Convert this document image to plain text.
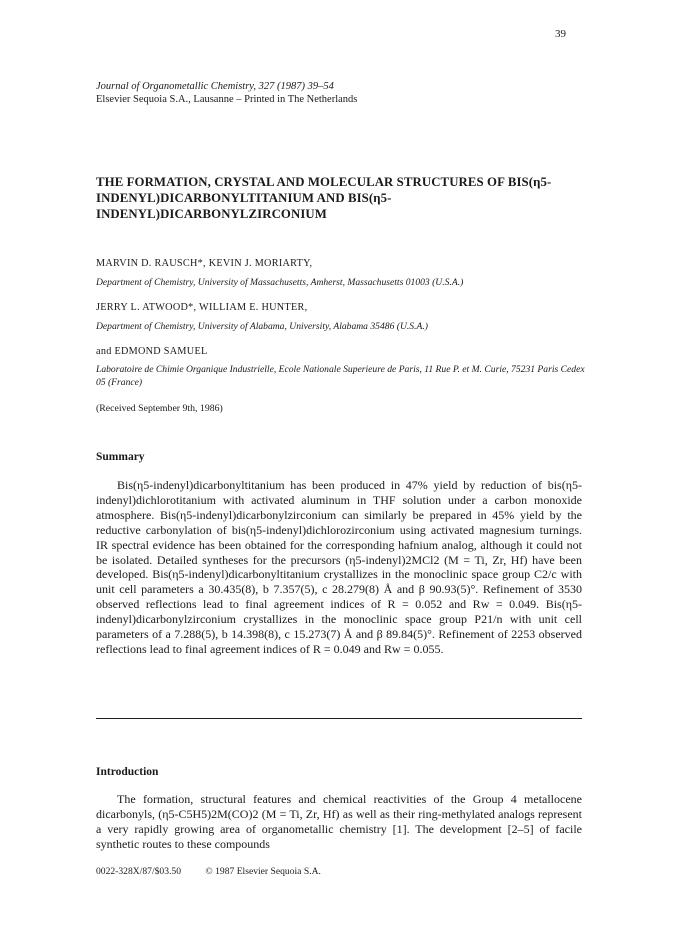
39
Journal of Organometallic Chemistry, 327 (1987) 39–54
Elsevier Sequoia S.A., Lausanne – Printed in The Netherlands
THE FORMATION, CRYSTAL AND MOLECULAR STRUCTURES OF BIS(η5-INDENYL)DICARBONYLTITANIUM AND BIS(η5-INDENYL)DICARBONYLZIRCONIUM
MARVIN D. RAUSCH*, KEVIN J. MORIARTY,
Department of Chemistry, University of Massachusetts, Amherst, Massachusetts 01003 (U.S.A.)
JERRY L. ATWOOD*, WILLIAM E. HUNTER,
Department of Chemistry, University of Alabama, University, Alabama 35486 (U.S.A.)
and EDMOND SAMUEL
Laboratoire de Chimie Organique Industrielle, Ecole Nationale Superieure de Paris, 11 Rue P. et M. Curie, 75231 Paris Cedex 05 (France)
(Received September 9th, 1986)
Summary

Bis(η5-indenyl)dicarbonyltitanium has been produced in 47% yield by reduction of bis(η5-indenyl)dichlorotitanium with activated aluminum in THF solution under a carbon monoxide atmosphere. Bis(η5-indenyl)dicarbonylzirconium can similarly be prepared in 45% yield by the reductive carbonylation of bis(η5-indenyl)dichlorozirconium using activated magnesium turnings. IR spectral evidence has been obtained for the corresponding hafnium analog, although it could not be isolated. Detailed syntheses for the precursors (η5-indenyl)2MCl2 (M = Ti, Zr, Hf) have been developed. Bis(η5-indenyl)dicarbonyltitanium crystallizes in the monoclinic space group C2/c with unit cell parameters a 30.435(8), b 7.357(5), c 28.279(8) Å and β 90.93(5)°. Refinement of 3530 observed reflections lead to final agreement indices of R = 0.052 and Rw = 0.049. Bis(η5-indenyl)dicarbonylzirconium crystallizes in the monoclinic space group P21/n with unit cell parameters of a 7.288(5), b 14.398(8), c 15.273(7) Å and β 89.84(5)°. Refinement of 2253 observed reflections lead to final agreement indices of R = 0.049 and Rw = 0.055.

Introduction

The formation, structural features and chemical reactivities of the Group 4 metallocene dicarbonyls, (η5-C5H5)2M(CO)2 (M = Ti, Zr, Hf) as well as their ring-methylated analogs represent a very rapidly growing area of organometallic chemistry [1]. The development [2–5] of facile synthetic routes to these compounds

0022-328X/87/$03.50	© 1987 Elsevier Sequoia S.A.
